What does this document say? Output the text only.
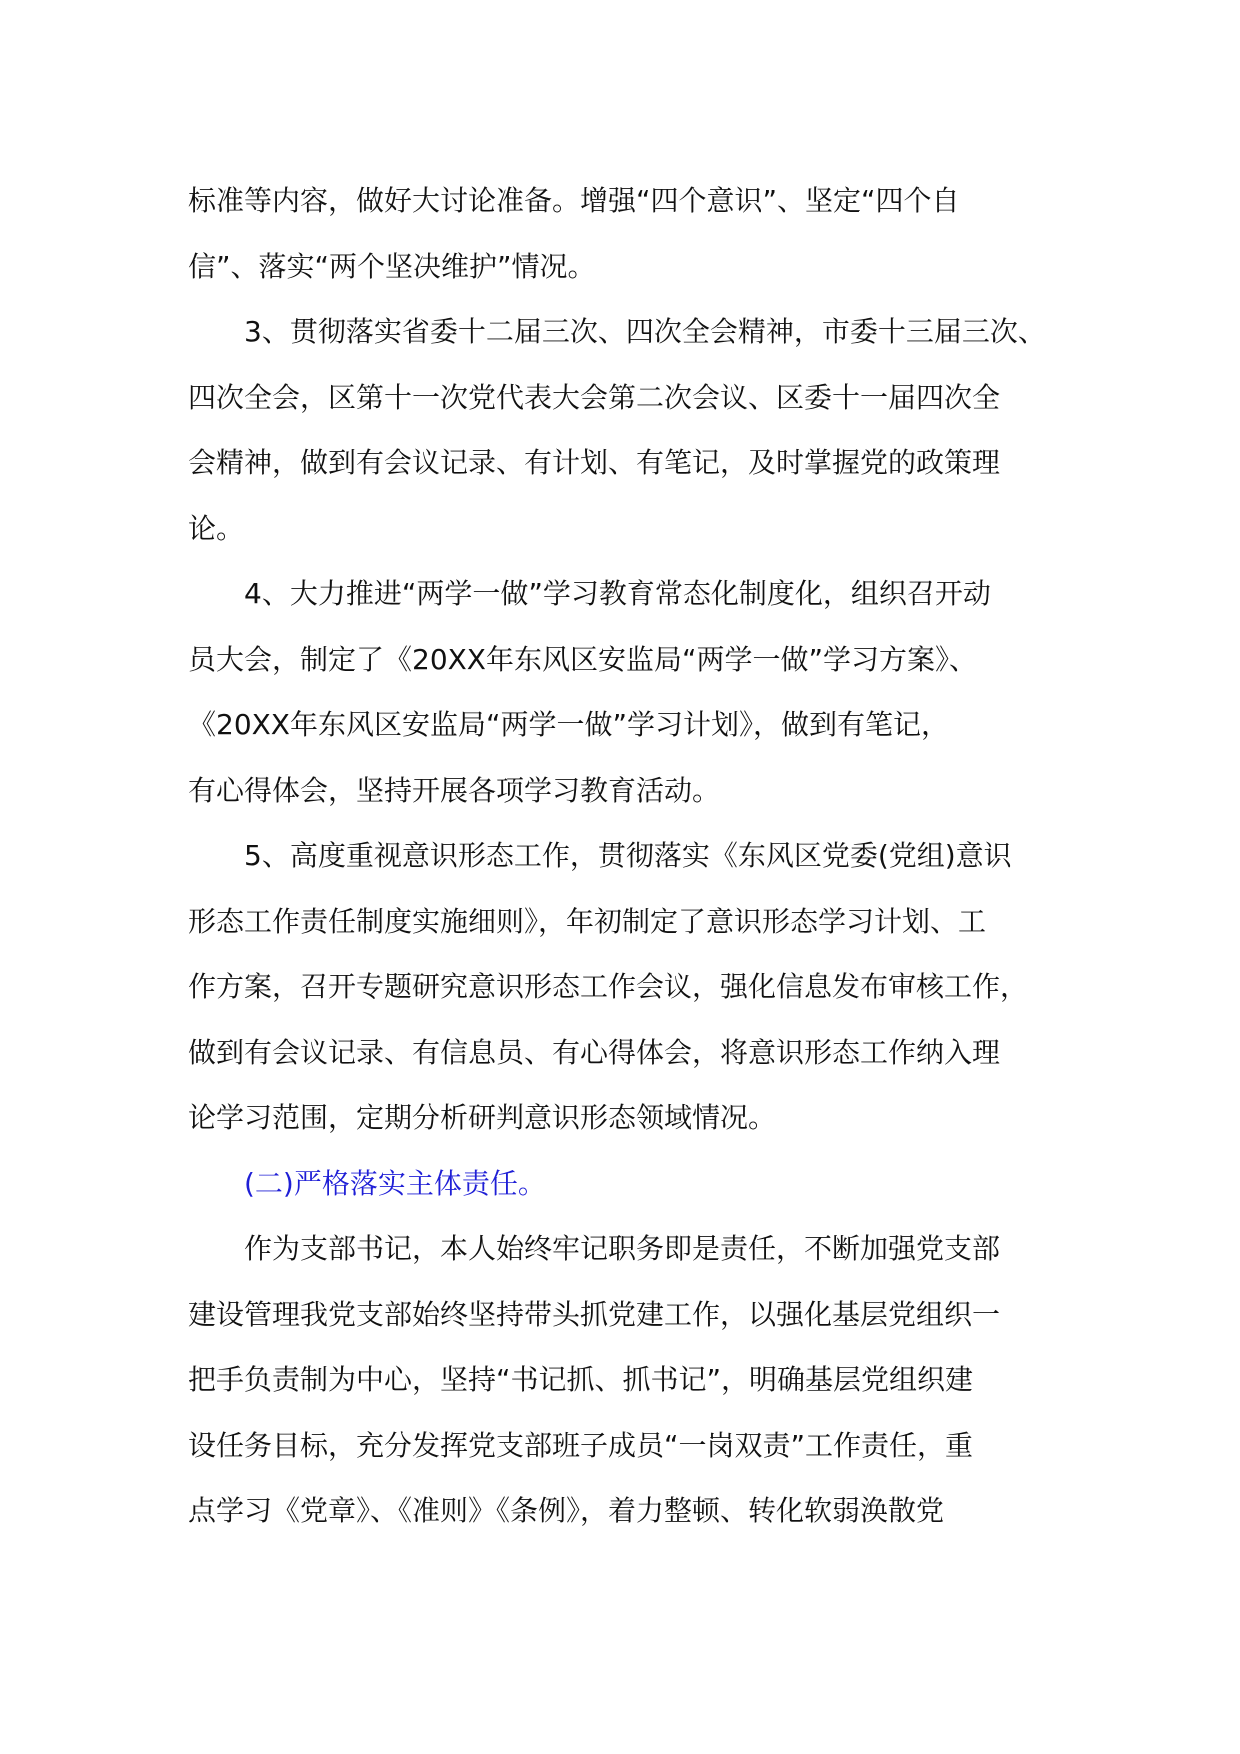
标准等内容，做好大讨论准备。增强“四个意识”、坚定“四个自
信”、落实“两个坚决维护”情况。
3、贯彻落实省委十二届三次、四次全会精神，市委十三届三次、
四次全会，区第十一次党代表大会第二次会议、区委十一届四次全
会精神，做到有会议记录、有计划、有笔记，及时掌握党的政策理
论。
4、大力推进“两学一做”学习教育常态化制度化，组织召开动
员大会，制定了《20XX年东风区安监局“两学一做”学习方案》、
《20XX年东风区安监局“两学一做”学习计划》，做到有笔记，
有心得体会，坚持开展各项学习教育活动。
5、高度重视意识形态工作，贯彻落实《东风区党委(党组)意识
形态工作责任制度实施细则》，年初制定了意识形态学习计划、工
作方案，召开专题研究意识形态工作会议，强化信息发布审核工作，
做到有会议记录、有信息员、有心得体会，将意识形态工作纳入理
论学习范围，定期分析研判意识形态领域情况。
(二)严格落实主体责任。
作为支部书记，本人始终牢记职务即是责任，不断加强党支部
建设管理我党支部始终坚持带头抓党建工作，以强化基层党组织一
把手负责制为中心，坚持“书记抓、抓书记”，明确基层党组织建
设任务目标，充分发挥党支部班子成员“一岗双责”工作责任，重
点学习《党章》、《准则》《条例》，着力整顿、转化软弱涣散党
